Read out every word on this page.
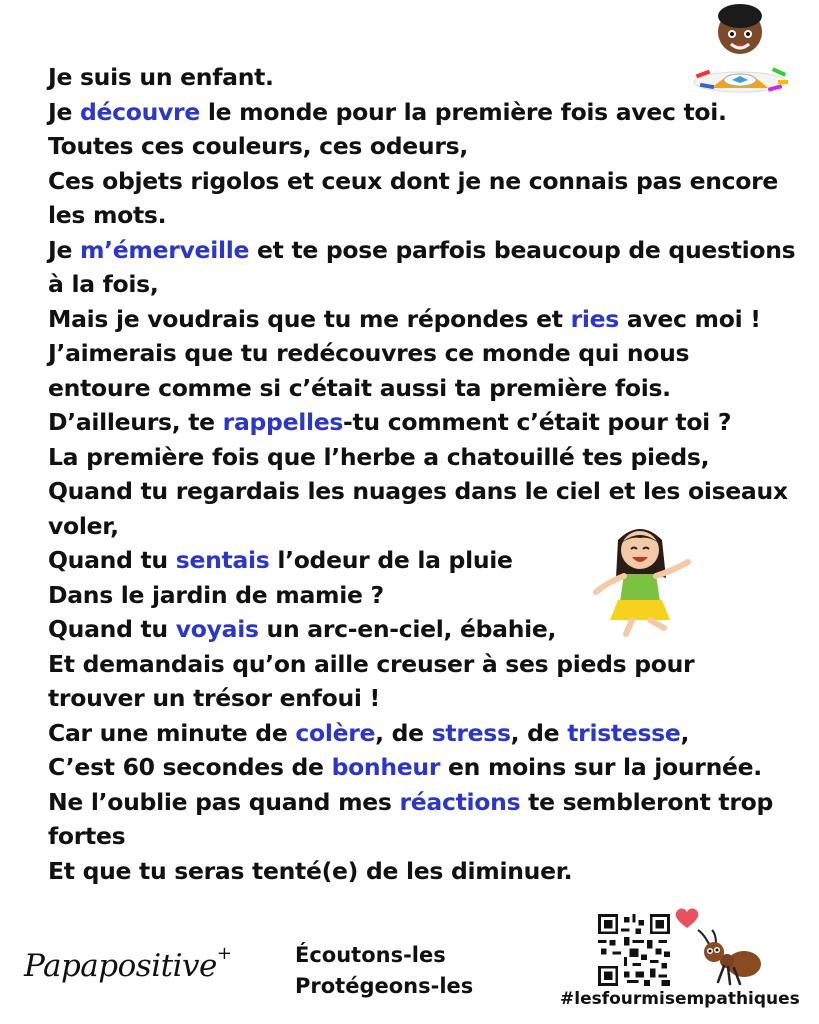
Je suis un enfant.
Je découvre le monde pour la première fois avec toi.
Toutes ces couleurs, ces odeurs,
Ces objets rigolos et ceux dont je ne connais pas encore
les mots.
Je m’émerveille et te pose parfois beaucoup de questions
à la fois,
Mais je voudrais que tu me répondes et ries avec moi !
J’aimerais que tu redécouvres ce monde qui nous
entoure comme si c’était aussi ta première fois.
D’ailleurs, te rappelles-tu comment c’était pour toi ?
La première fois que l’herbe a chatouillé tes pieds,
Quand tu regardais les nuages dans le ciel et les oiseaux
voler,
Quand tu sentais l’odeur de la pluie
Dans le jardin de mamie ?
Quand tu voyais un arc-en-ciel, ébahie,
Et demandais qu’on aille creuser à ses pieds pour
trouver un trésor enfoui !
Car une minute de colère, de stress, de tristesse,
C’est 60 secondes de bonheur en moins sur la journée.
Ne l’oublie pas quand mes réactions te sembleront trop
fortes
Et que tu seras tenté(e) de les diminuer.
Papapositive+	Écoutons-les
Protégeons-les
#lesfourmisempathiques
